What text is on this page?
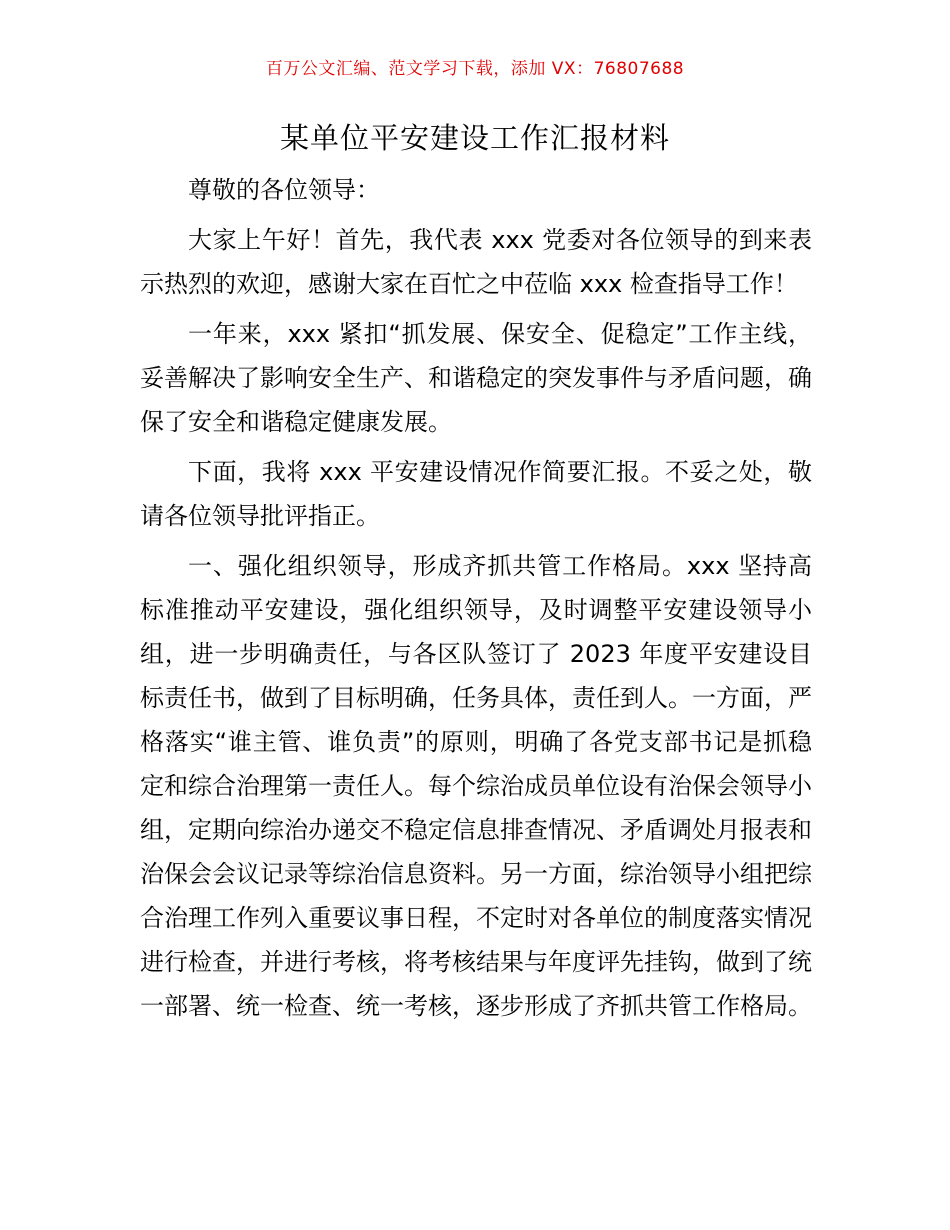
百万公文汇编、范文学习下载，添加 VX：76807688
某单位平安建设工作汇报材料

尊敬的各位领导：

大家上午好！首先，我代表 xxx 党委对各位领导的到来表示热烈的欢迎，感谢大家在百忙之中莅临 xxx 检查指导工作！

一年来，xxx 紧扣“抓发展、保安全、促稳定”工作主线，妥善解决了影响安全生产、和谐稳定的突发事件与矛盾问题，确保了安全和谐稳定健康发展。

下面，我将 xxx 平安建设情况作简要汇报。不妥之处，敬请各位领导批评指正。

一、强化组织领导，形成齐抓共管工作格局。xxx 坚持高标准推动平安建设，强化组织领导，及时调整平安建设领导小组，进一步明确责任，与各区队签订了 2023 年度平安建设目标责任书，做到了目标明确，任务具体，责任到人。一方面，严格落实“谁主管、谁负责”的原则，明确了各党支部书记是抓稳定和综合治理第一责任人。每个综治成员单位设有治保会领导小组，定期向综治办递交不稳定信息排查情况、矛盾调处月报表和治保会会议记录等综治信息资料。另一方面，综治领导小组把综合治理工作列入重要议事日程，不定时对各单位的制度落实情况进行检查，并进行考核，将考核结果与年度评先挂钩，做到了统一部署、统一检查、统一考核，逐步形成了齐抓共管工作格局。
